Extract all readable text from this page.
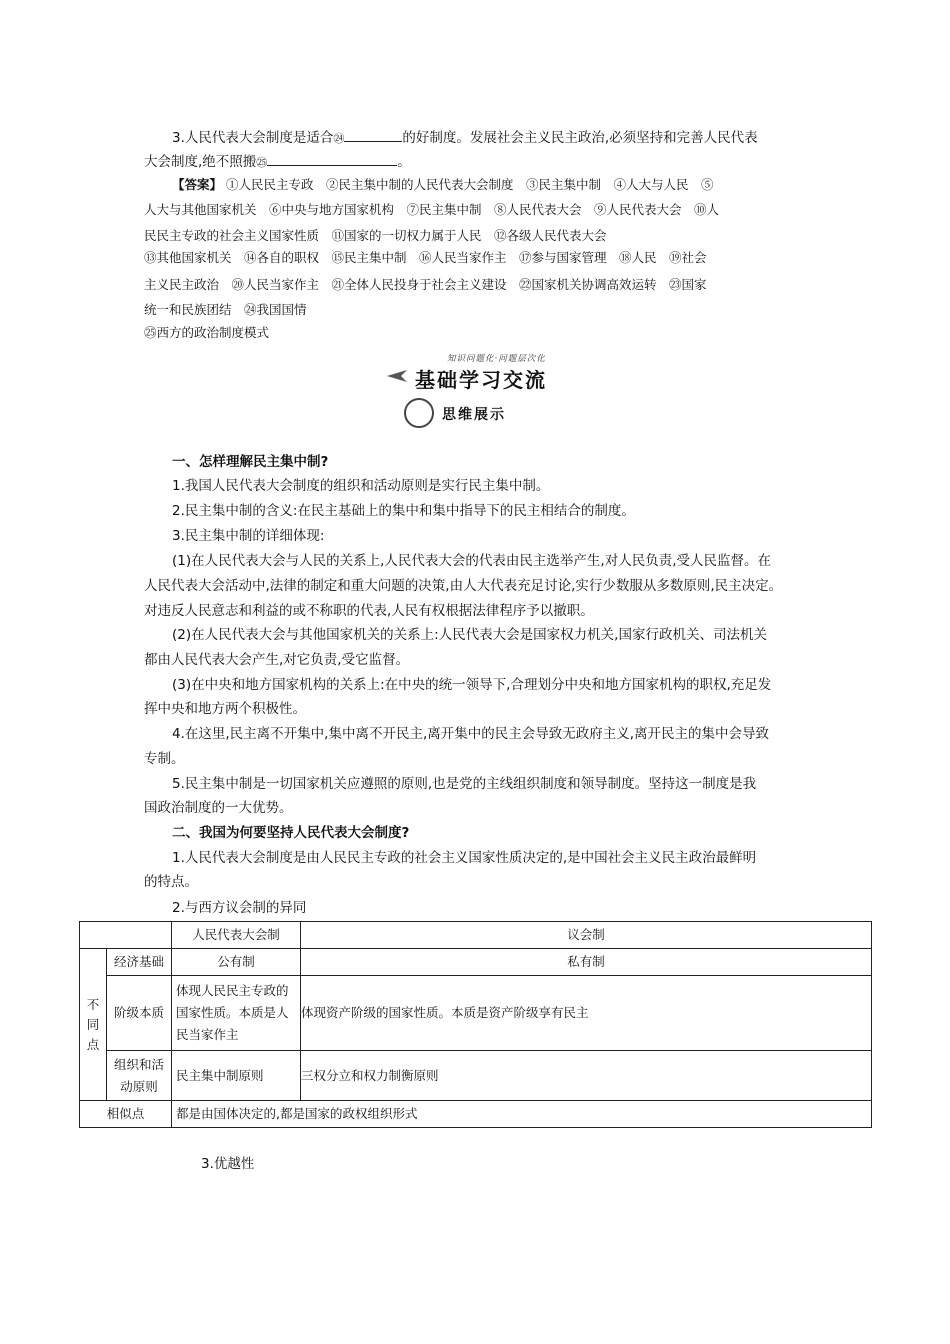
3.人民代表大会制度是适合㉔	的好制度。发展社会主义民主政治,必须坚持和完善人民代表
大会制度,绝不照搬㉕	。
【答案】 ①人民民主专政　②民主集中制的人民代表大会制度　③民主集中制　④人大与人民　⑤
人大与其他国家机关　⑥中央与地方国家机构　⑦民主集中制　⑧人民代表大会　⑨人民代表大会　⑩人
民民主专政的社会主义国家性质　⑪国家的一切权力属于人民　⑫各级人民代表大会
⑬其他国家机关　⑭各自的职权　⑮民主集中制　⑯人民当家作主　⑰参与国家管理　⑱人民　⑲社会
主义民主政治　⑳人民当家作主　㉑全体人民投身于社会主义建设　㉒国家机关协调高效运转　㉓国家
统一和民族团结　㉔我国国情
㉕西方的政治制度模式
知识问题化·问题层次化
基础学习交流
思维展示
一、怎样理解民主集中制?
1.我国人民代表大会制度的组织和活动原则是实行民主集中制。
2.民主集中制的含义:在民主基础上的集中和集中指导下的民主相结合的制度。
3.民主集中制的详细体现:
(1)在人民代表大会与人民的关系上,人民代表大会的代表由民主选举产生,对人民负责,受人民监督。在
人民代表大会活动中,法律的制定和重大问题的决策,由人大代表充足讨论,实行少数服从多数原则,民主决定。
对违反人民意志和利益的或不称职的代表,人民有权根据法律程序予以撤职。
(2)在人民代表大会与其他国家机关的关系上:人民代表大会是国家权力机关,国家行政机关、司法机关
都由人民代表大会产生,对它负责,受它监督。
(3)在中央和地方国家机构的关系上:在中央的统一领导下,合理划分中央和地方国家机构的职权,充足发
挥中央和地方两个积极性。
4.在这里,民主离不开集中,集中离不开民主,离开集中的民主会导致无政府主义,离开民主的集中会导致
专制。
5.民主集中制是一切国家机关应遵照的原则,也是党的主线组织制度和领导制度。坚持这一制度是我
国政治制度的一大优势。
二、我国为何要坚持人民代表大会制度?
1.人民代表大会制度是由人民民主专政的社会主义国家性质决定的,是中国社会主义民主政治最鲜明
的特点。
2.与西方议会制的异同
		人民代表大会制	议会制
不同点	经济基础	公有制	私有制
	阶级本质	体现人民民主专政的国家性质。本质是人民当家作主	体现资产阶级的国家性质。本质是资产阶级享有民主
	组织和活动原则	民主集中制原则	三权分立和权力制衡原则
相似点		都是由国体决定的,都是国家的政权组织形式	
3.优越性
